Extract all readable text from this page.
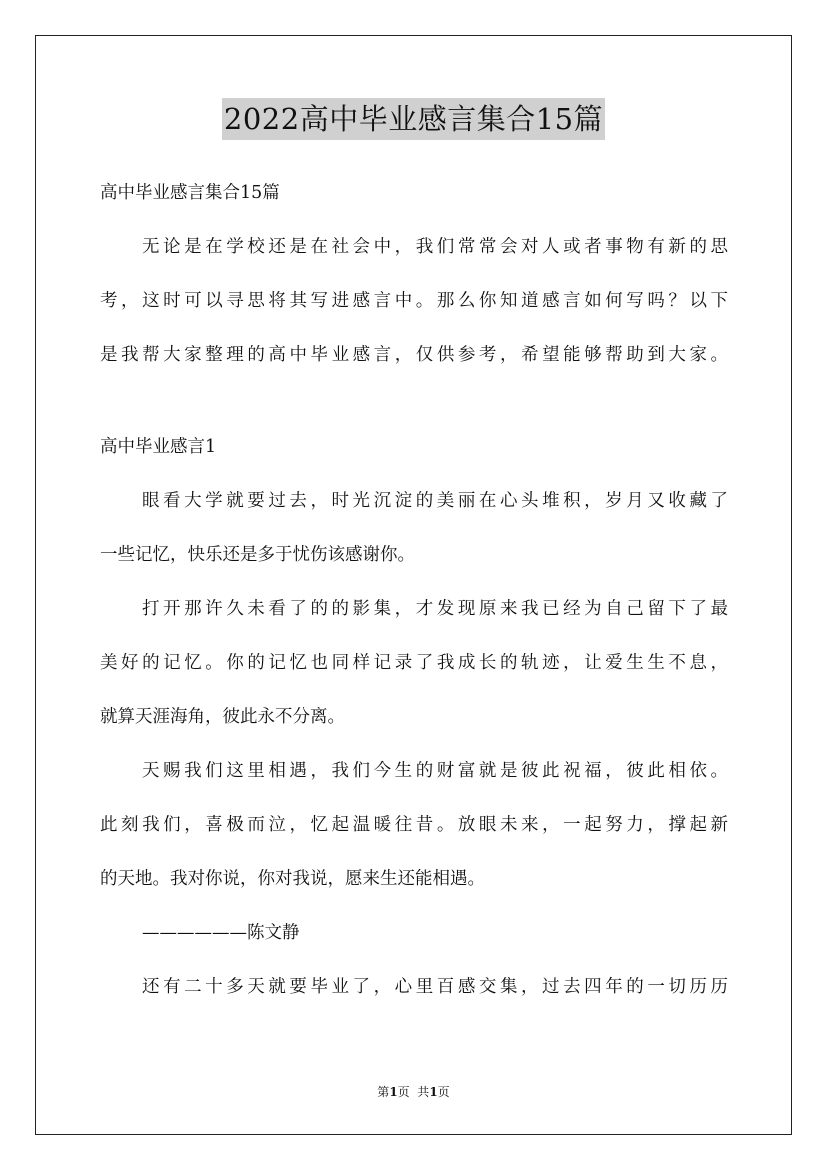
2022高中毕业感言集合15篇
高中毕业感言集合15篇
无论是在学校还是在社会中，我们常常会对人或者事物有新的思
考，这时可以寻思将其写进感言中。那么你知道感言如何写吗？以下
是我帮大家整理的高中毕业感言，仅供参考，希望能够帮助到大家。
高中毕业感言1
眼看大学就要过去，时光沉淀的美丽在心头堆积，岁月又收藏了
一些记忆，快乐还是多于忧伤该感谢你。
打开那许久未看了的的影集，才发现原来我已经为自己留下了最
美好的记忆。你的记忆也同样记录了我成长的轨迹，让爱生生不息，
就算天涯海角，彼此永不分离。
天赐我们这里相遇，我们今生的财富就是彼此祝福，彼此相依。
此刻我们，喜极而泣，忆起温暖往昔。放眼未来，一起努力，撑起新
的天地。我对你说，你对我说，愿来生还能相遇。
——————陈文静
还有二十多天就要毕业了，心里百感交集，过去四年的一切历历
第1页  共1页
